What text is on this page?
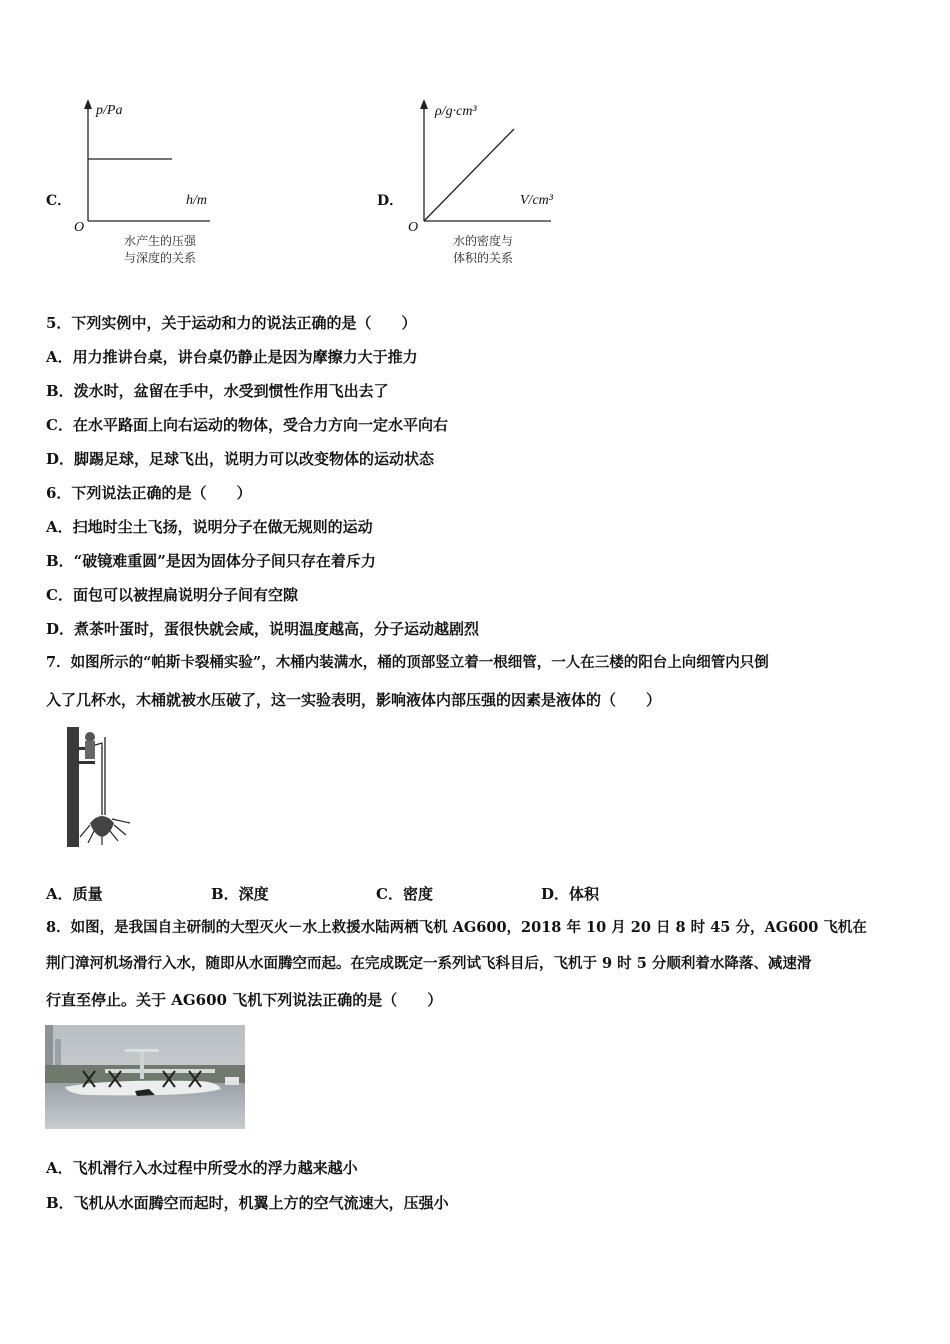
C．
p/Pa
h/m
O
水产生的压强
与深度的关系
D．
ρ/g·cm³
V/cm³
O
水的密度与
体积的关系
5．下列实例中，关于运动和力的说法正确的是（　　）
A．用力推讲台桌，讲台桌仍静止是因为摩擦力大于推力
B．泼水时，盆留在手中，水受到惯性作用飞出去了
C．在水平路面上向右运动的物体，受合力方向一定水平向右
D．脚踢足球，足球飞出，说明力可以改变物体的运动状态
6．下列说法正确的是（　　）
A．扫地时尘土飞扬，说明分子在做无规则的运动
B．“破镜难重圆”是因为固体分子间只存在着斥力
C．面包可以被捏扁说明分子间有空隙
D．煮茶叶蛋时，蛋很快就会咸，说明温度越高，分子运动越剧烈
7．如图所示的“帕斯卡裂桶实验”，木桶内装满水，桶的顶部竖立着一根细管，一人在三楼的阳台上向细管内只倒
入了几杯水，木桶就被水压破了，这一实验表明，影响液体内部压强的因素是液体的（　　）
A．质量	B．深度	C．密度	D．体积
8．如图，是我国自主研制的大型灭火－水上救援水陆两栖飞机 AG600，2018 年 10 月 20 日 8 时 45 分，AG600 飞机在
荆门漳河机场滑行入水，随即从水面腾空而起。在完成既定一系列试飞科目后，飞机于 9 时 5 分顺利着水降落、减速滑
行直至停止。关于 AG600 飞机下列说法正确的是（　　）
A．飞机滑行入水过程中所受水的浮力越来越小
B．飞机从水面腾空而起时，机翼上方的空气流速大，压强小
